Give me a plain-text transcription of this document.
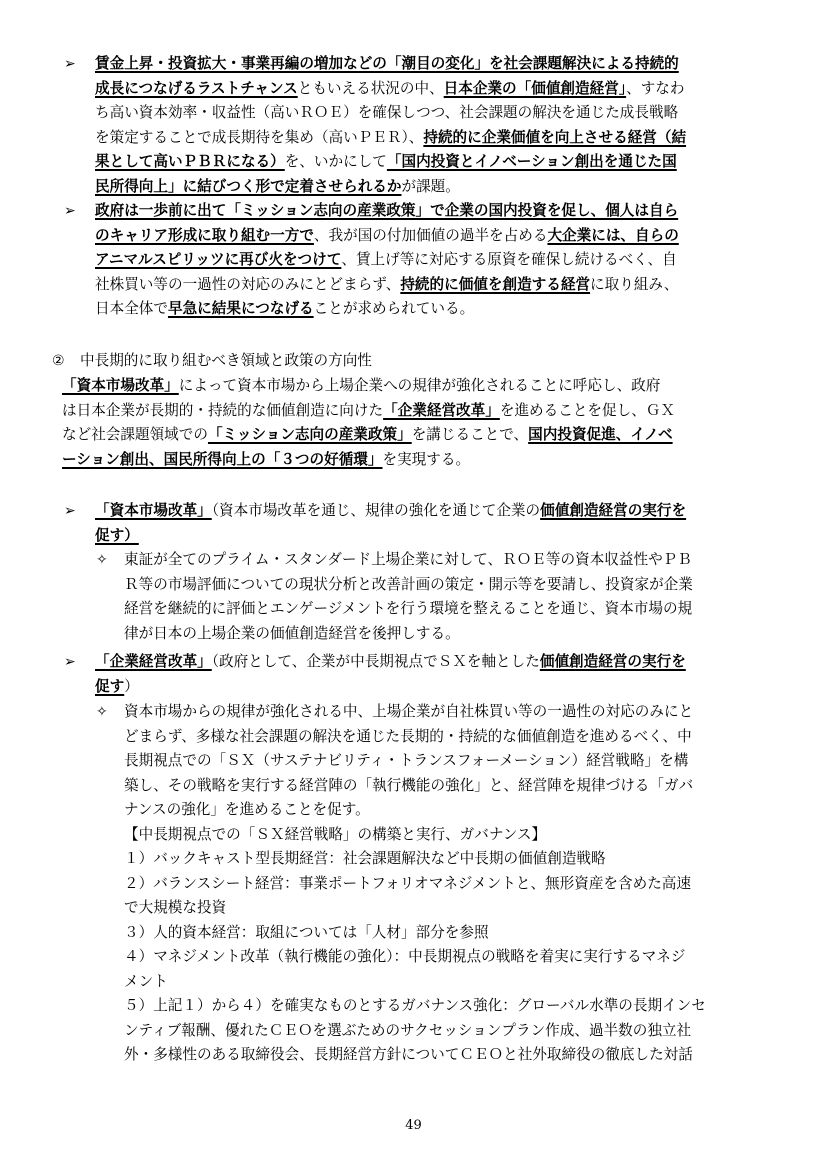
➢ 賃金上昇・投資拡大・事業再編の増加などの「潮目の変化」を社会課題解決による持続的
成長につなげるラストチャンスともいえる状況の中、日本企業の「価値創造経営」、すなわ
ち高い資本効率・収益性（高いＲＯＥ）を確保しつつ、社会課題の解決を通じた成長戦略
を策定することで成長期待を集め（高いＰＥＲ）、持続的に企業価値を向上させる経営（結
果として高いＰＢＲになる）を、いかにして「国内投資とイノベーション創出を通じた国
民所得向上」に結びつく形で定着させられるかが課題。
➢ 政府は一歩前に出て「ミッション志向の産業政策」で企業の国内投資を促し、個人は自ら
のキャリア形成に取り組む一方で、我が国の付加価値の過半を占める大企業には、自らの
アニマルスピリッツに再び火をつけて、賃上げ等に対応する原資を確保し続けるべく、自
社株買い等の一過性の対応のみにとどまらず、持続的に価値を創造する経営に取り組み、
日本全体で早急に結果につなげることが求められている。
② 中長期的に取り組むべき領域と政策の方向性
「資本市場改革」によって資本市場から上場企業への規律が強化されることに呼応し、政府
は日本企業が長期的・持続的な価値創造に向けた「企業経営改革」を進めることを促し、ＧＸ
など社会課題領域での「ミッション志向の産業政策」を講じることで、国内投資促進、イノベ
ーション創出、国民所得向上の「３つの好循環」を実現する。
➢ 「資本市場改革」（資本市場改革を通じ、規律の強化を通じて企業の価値創造経営の実行を
促す）
✧ 東証が全てのプライム・スタンダード上場企業に対して、ＲＯＥ等の資本収益性やＰＢ
Ｒ等の市場評価についての現状分析と改善計画の策定・開示等を要請し、投資家が企業
経営を継続的に評価とエンゲージメントを行う環境を整えることを通じ、資本市場の規
律が日本の上場企業の価値創造経営を後押しする。
➢ 「企業経営改革」（政府として、企業が中長期視点でＳＸを軸とした価値創造経営の実行を
促す）
✧ 資本市場からの規律が強化される中、上場企業が自社株買い等の一過性の対応のみにと
どまらず、多様な社会課題の解決を通じた長期的・持続的な価値創造を進めるべく、中
長期視点での「ＳＸ（サステナビリティ・トランスフォーメーション）経営戦略」を構
築し、その戦略を実行する経営陣の「執行機能の強化」と、経営陣を規律づける「ガバ
ナンスの強化」を進めることを促す。
【中長期視点での「ＳＸ経営戦略」の構築と実行、ガバナンス】
１）バックキャスト型長期経営：社会課題解決など中長期の価値創造戦略
２）バランスシート経営：事業ポートフォリオマネジメントと、無形資産を含めた高速
で大規模な投資
３）人的資本経営：取組については「人材」部分を参照
４）マネジメント改革（執行機能の強化）：中長期視点の戦略を着実に実行するマネジ
メント
５）上記１）から４）を確実なものとするガバナンス強化：グローバル水準の長期インセ
ンティブ報酬、優れたＣＥＯを選ぶためのサクセッションプラン作成、過半数の独立社
外・多様性のある取締役会、長期経営方針についてＣＥＯと社外取締役の徹底した対話
49
